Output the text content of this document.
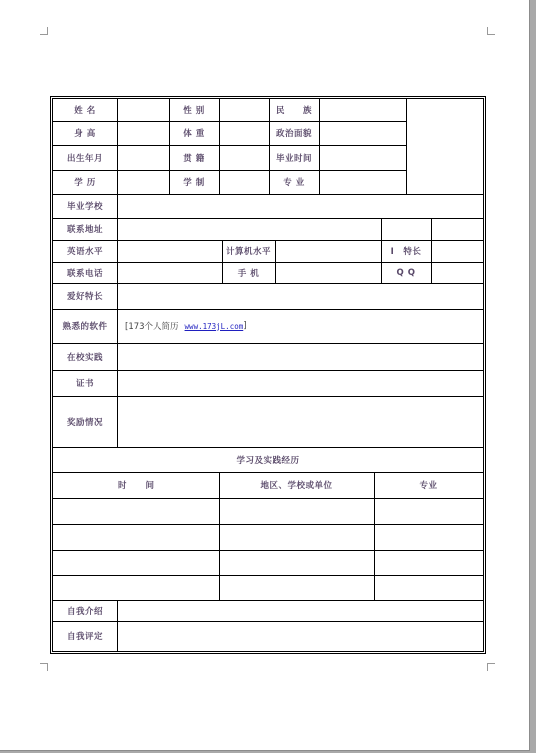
姓 名	性 别	民　　族
身 高	体 重	政治面貌
出生年月	贯 籍	毕业时间
学 历	学 制	专 业
毕业学校
联系地址
英语水平	计算机水平	Ⅰ　特长
联系电话	手 机	Q Q
爱好特长
熟悉的软件	[173个人简历 www.173jL.com ]
在校实践
证书
奖励情况
学习及实践经历
时 间	地区、学校或单位	专业
自我介绍
自我评定
